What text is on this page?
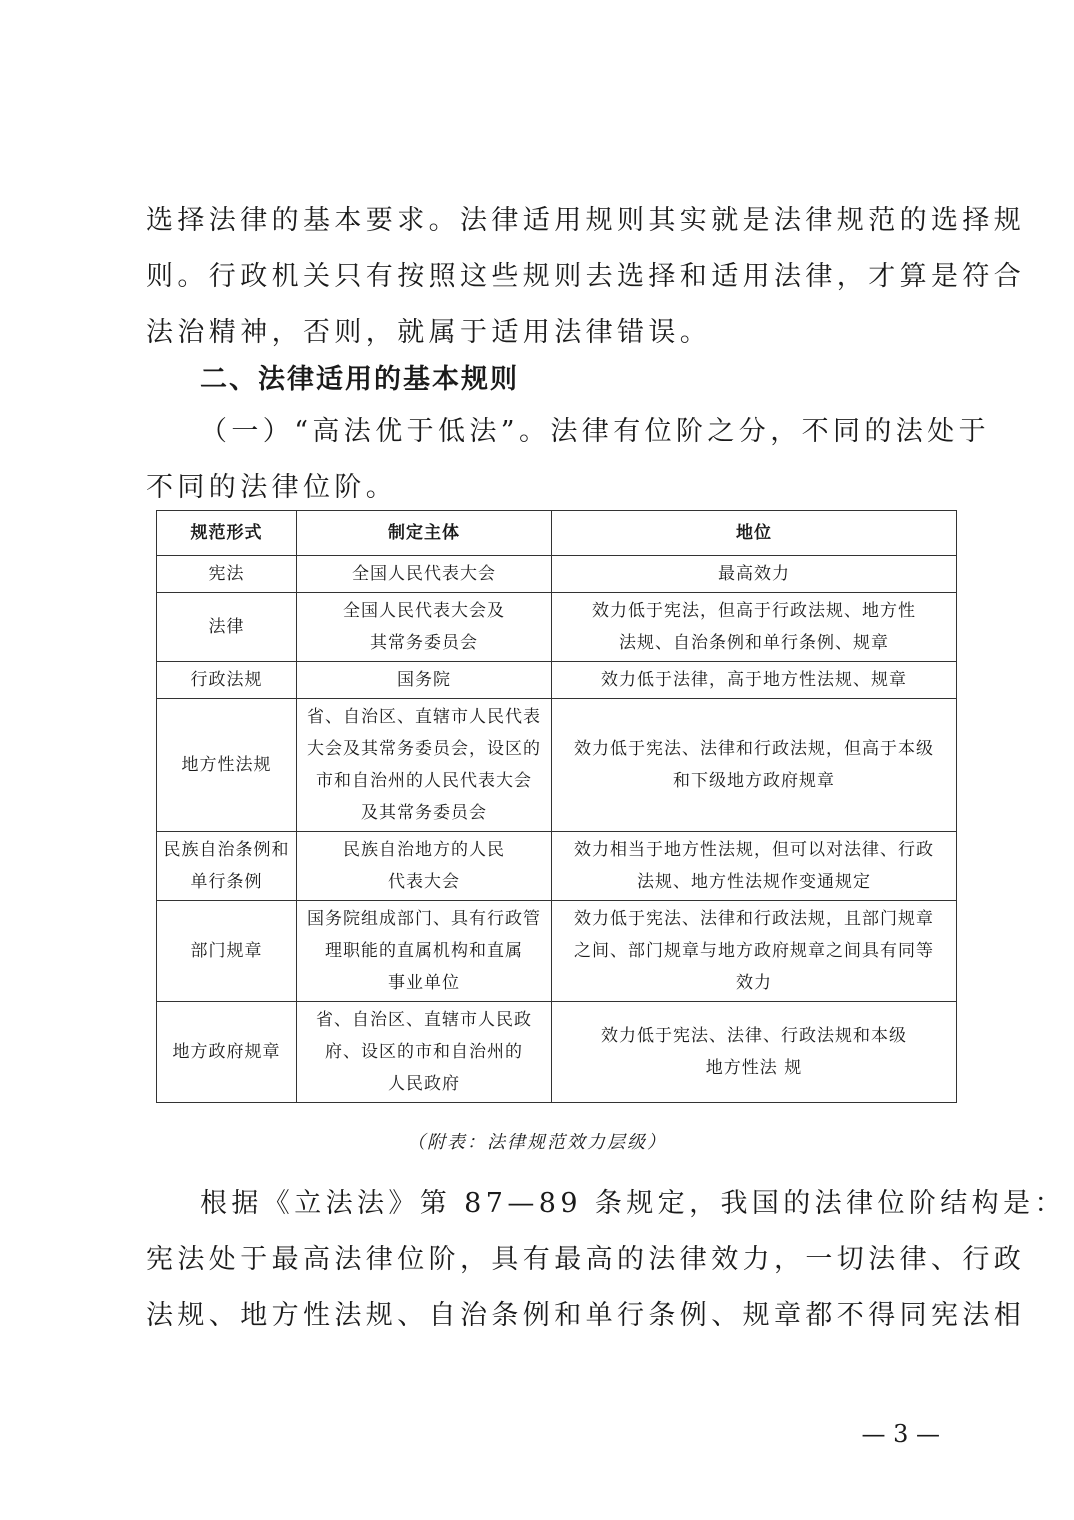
选择法律的基本要求。法律适用规则其实就是法律规范的选择规
则。行政机关只有按照这些规则去选择和适用法律，才算是符合
法治精神，否则，就属于适用法律错误。

二、法律适用的基本规则

（一）“高法优于低法”。法律有位阶之分，不同的法处于
不同的法律位阶。

规范形式	制定主体	地位

宪法	全国人民代表大会	最高效力

法律	全国人民代表大会及
其常务委员会	效力低于宪法，但高于行政法规、地方性
法规、自治条例和单行条例、规章

行政法规	国务院	效力低于法律，高于地方性法规、规章

地方性法规	省、自治区、直辖市人民代表
大会及其常务委员会，设区的
市和自治州的人民代表大会
及其常务委员会	效力低于宪法、法律和行政法规，但高于本级
和下级地方政府规章

民族自治条例和
单行条例	民族自治地方的人民
代表大会	效力相当于地方性法规，但可以对法律、行政
法规、地方性法规作变通规定

部门规章	国务院组成部门、具有行政管
理职能的直属机构和直属
事业单位	效力低于宪法、法律和行政法规，且部门规章
之间、部门规章与地方政府规章之间具有同等
效力

地方政府规章	省、自治区、直辖市人民政
府、设区的市和自治州的
人民政府	效力低于宪法、法律、行政法规和本级
地方性法 规
（附表：法律规范效力层级）

根据《立法法》第 87—89 条规定，我国的法律位阶结构是：
宪法处于最高法律位阶，具有最高的法律效力，一切法律、行政
法规、地方性法规、自治条例和单行条例、规章都不得同宪法相

— 3 —
